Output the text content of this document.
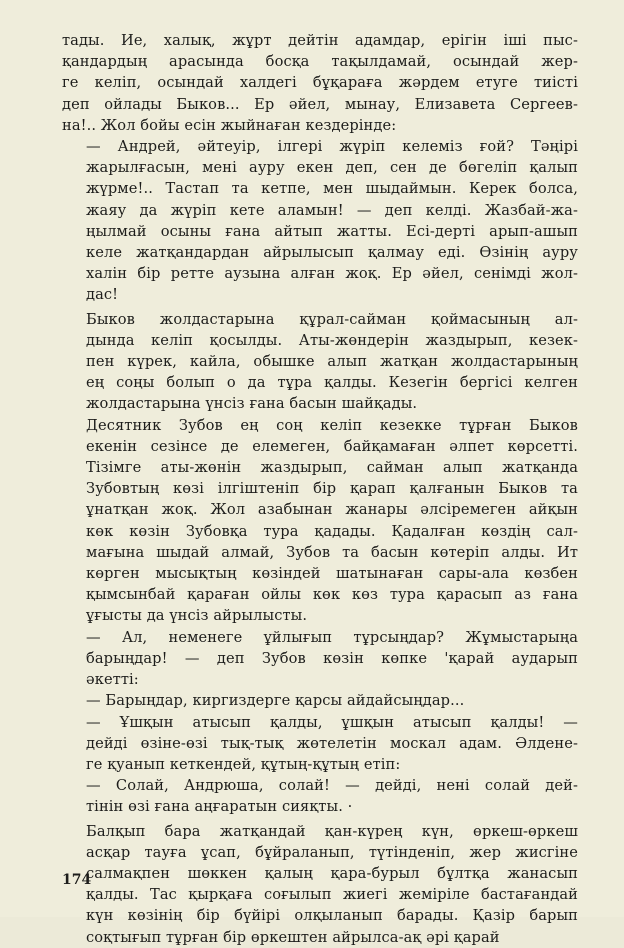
тады. Ие, халық, жұрт дейтін адамдар, ерігін іші пыс-
қандардың арасында босқа тақылдамай, осындай жер-
ге келіп, осындай халдегі бұқараға жәрдем етуге тиісті
деп ойлады Быков... Ер әйел, мынау, Елизавета Сергеев-
на!.. Жол бойы есін жыйнаған кездерінде:
— Андрей, әйтеуір, ілгері жүріп келеміз ғой? Тәңірі
жарылғасын, мені ауру екен деп, сен де бөгеліп қалып
жүрме!.. Тастап та кетпе, мен шыдаймын. Керек болса,
жаяу да жүріп кете аламын! — деп келді. Жазбай-жа-
ңылмай осыны ғана айтып жатты. Есі-дерті арып-ашып
келе жатқандардан айрылысып қалмау еді. Өзінің ауру
халін бір ретте аузына алған жоқ. Ер әйел, сенімді жол-
дас!
Быков жолдастарына құрал-сайман қоймасының ал-
дында келіп қосылды. Аты-жөндерін жаздырып, кезек-
пен күрек, кайла, обышке алып жатқан жолдастарының
ең соңы болып о да тұра қалды. Кезегін бергісі келген
жолдастарына үнсіз ғана басын шайқады.
Десятник Зубов ең соң келіп кезекке тұрған Быков
екенін сезінсе де елемеген, байқамаған әлпет көрсетті.
Тізімге аты-жөнін жаздырып, сайман алып жатқанда
Зубовтың көзі ілгіштеніп бір қарап қалғанын Быков та
ұнатқан жоқ. Жол азабынан жанары әлсіремеген айқын
көк көзін Зубовқа тура қадады. Қадалған көздің сал-
мағына шыдай алмай, Зубов та басын көтеріп алды. Ит
көрген мысықтың көзіндей шатынаған сары-ала көзбен
қымсынбай қараған ойлы көк көз тура қарасып аз ғана
ұғысты да үнсіз айрылысты.
— Ал, неменеге ұйлығып тұрсыңдар? Жұмыстарыңа
барыңдар! — деп Зубов көзін көпке 'қарай аударып
әкетті:
— Барыңдар, киргиздерге қарсы айдайсыңдар...
— Ұшқын атысып қалды, ұшқын атысып қалды! —
дейді өзіне-өзі тық-тық жөтелетін москал адам. Әлдене-
ге қуанып кеткендей, құтың-құтың етіп:
— Солай, Андрюша, солай! — дейді, нені солай дей-
тінін өзі ғана аңғаратын сияқты. ·
Балқып бара жатқандай қан-күрең күн, өркеш-өркеш
асқар тауға ұсап, бұйраланып, түтінденіп, жер жисгіне
салмақпен шөккен қалың қара-бурыл бұлтқа жанасып
қалды. Тас қырқаға соғылып жиегі жеміріле бастағандай
күн көзінің бір бүйірі олқыланып барады. Қазір барып
соқтығып тұрған бір өркештен айрылса-ақ әрі қарай
174
